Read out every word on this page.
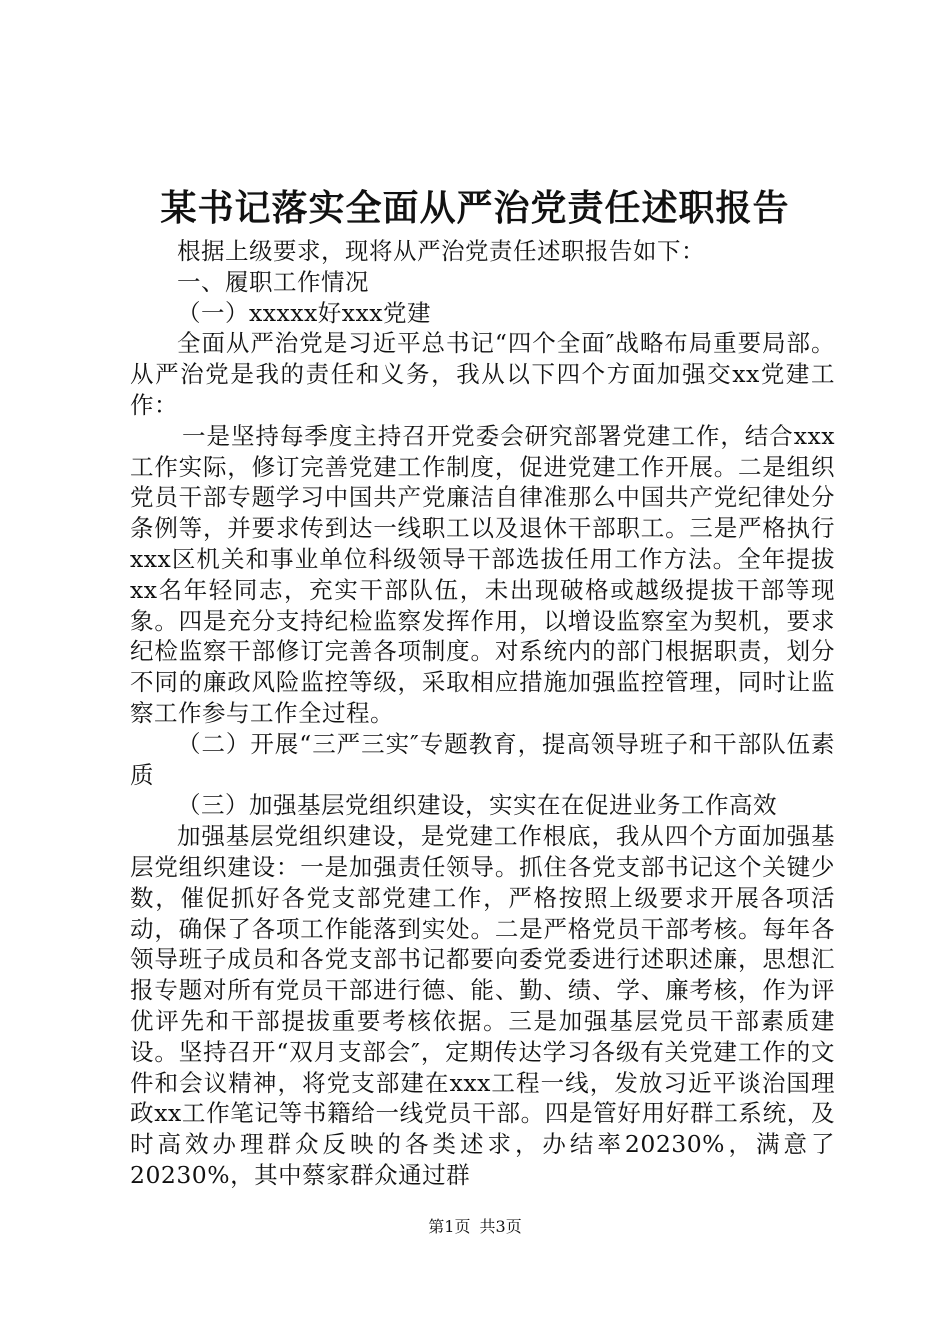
某书记落实全面从严治党责任述职报告

根据上级要求，现将从严治党责任述职报告如下：

一、履职工作情况

（一）xxxxx好xxx党建

全面从严治党是习近平总书记“四个全面″战略布局重要局部。从严治党是我的责任和义务，我从以下四个方面加强交xx党建工作：

一是坚持每季度主持召开党委会研究部署党建工作，结合xxx工作实际，修订完善党建工作制度，促进党建工作开展。二是组织党员干部专题学习中国共产党廉洁自律准那么中国共产党纪律处分条例等，并要求传到达一线职工以及退休干部职工。三是严格执行xxx区机关和事业单位科级领导干部选拔任用工作方法。全年提拔xx名年轻同志，充实干部队伍，未出现破格或越级提拔干部等现象。四是充分支持纪检监察发挥作用，以增设监察室为契机，要求纪检监察干部修订完善各项制度。对系统内的部门根据职责，划分不同的廉政风险监控等级，采取相应措施加强监控管理，同时让监察工作参与工作全过程。

（二）开展“三严三实″专题教育，提高领导班子和干部队伍素质

（三）加强基层党组织建设，实实在在促进业务工作高效

加强基层党组织建设，是党建工作根底，我从四个方面加强基层党组织建设：一是加强责任领导。抓住各党支部书记这个关键少数，催促抓好各党支部党建工作，严格按照上级要求开展各项活动，确保了各项工作能落到实处。二是严格党员干部考核。每年各领导班子成员和各党支部书记都要向委党委进行述职述廉，思想汇报专题对所有党员干部进行德、能、勤、绩、学、廉考核，作为评优评先和干部提拔重要考核依据。三是加强基层党员干部素质建设。坚持召开“双月支部会″，定期传达学习各级有关党建工作的文件和会议精神，将党支部建在xxx工程一线，发放习近平谈治国理政xx工作笔记等书籍给一线党员干部。四是管好用好群工系统，及时高效办理群众反映的各类述求，办结率20230%，满意了20230%，其中蔡家群众通过群

第1页 共3页
